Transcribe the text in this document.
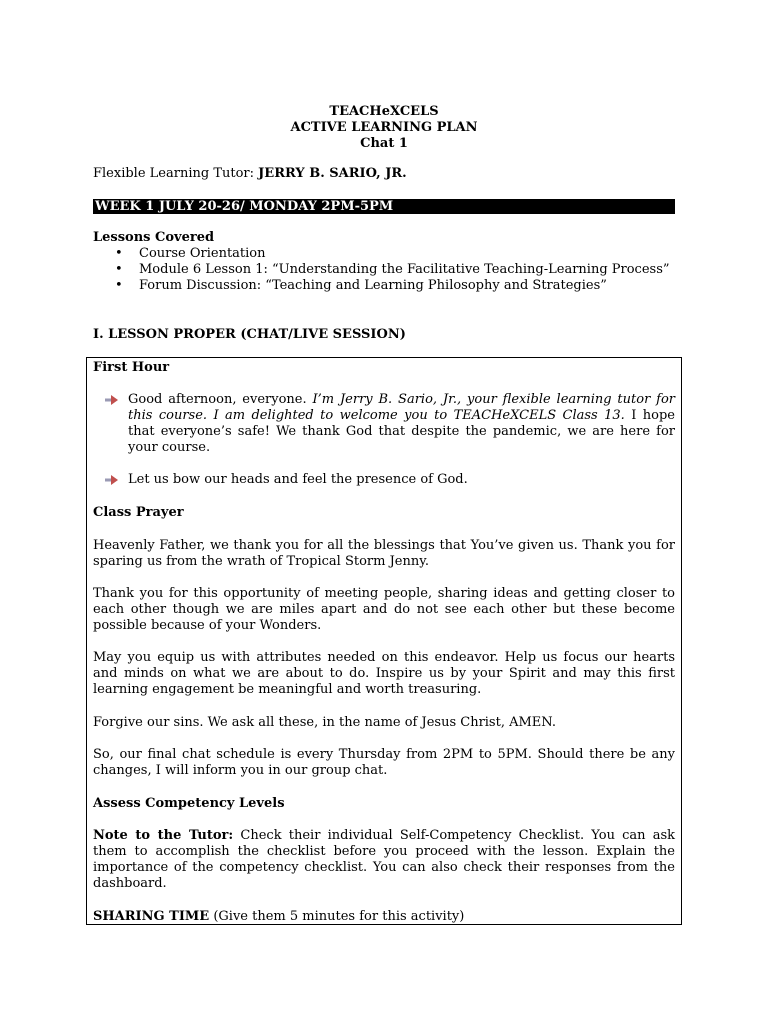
TEACHeXCELS
ACTIVE LEARNING PLAN
Chat 1
Flexible Learning Tutor: JERRY B. SARIO, JR.
WEEK 1 JULY 20-26/ MONDAY 2PM-5PM
Lessons Covered
• Course Orientation
• Module 6 Lesson 1: “Understanding the Facilitative Teaching-Learning Process”
• Forum Discussion: “Teaching and Learning Philosophy and Strategies”
I. LESSON PROPER (CHAT/LIVE SESSION)
First Hour
Good afternoon, everyone. I’m Jerry B. Sario, Jr., your flexible learning tutor for this course. I am delighted to welcome you to TEACHeXCELS Class 13. I hope that everyone’s safe! We thank God that despite the pandemic, we are here for your course.
Let us bow our heads and feel the presence of God.
Class Prayer
Heavenly Father, we thank you for all the blessings that You’ve given us. Thank you for sparing us from the wrath of Tropical Storm Jenny.
Thank you for this opportunity of meeting people, sharing ideas and getting closer to each other though we are miles apart and do not see each other but these become possible because of your Wonders.
May you equip us with attributes needed on this endeavor. Help us focus our hearts and minds on what we are about to do. Inspire us by your Spirit and may this first learning engagement be meaningful and worth treasuring.
Forgive our sins. We ask all these, in the name of Jesus Christ, AMEN.
So, our final chat schedule is every Thursday from 2PM to 5PM. Should there be any changes, I will inform you in our group chat.
Assess Competency Levels
Note to the Tutor: Check their individual Self-Competency Checklist. You can ask them to accomplish the checklist before you proceed with the lesson. Explain the importance of the competency checklist. You can also check their responses from the dashboard.
SHARING TIME (Give them 5 minutes for this activity)
